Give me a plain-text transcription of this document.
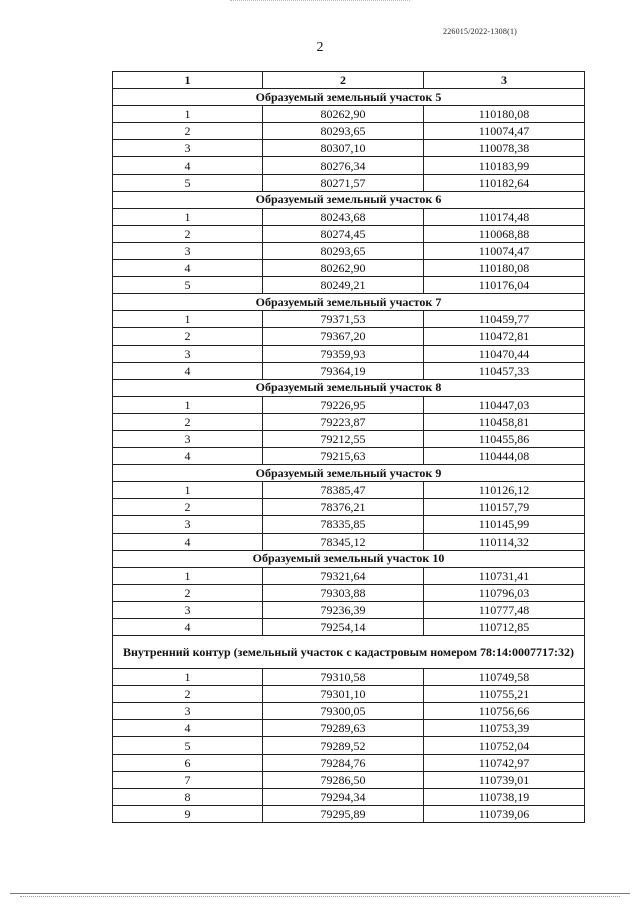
226015/2022-1308(1)
2
1	2	3
Образуемый земельный участок 5		
1	80262,90	110180,08
2	80293,65	110074,47
3	80307,10	110078,38
4	80276,34	110183,99
5	80271,57	110182,64
Образуемый земельный участок 6		
1	80243,68	110174,48
2	80274,45	110068,88
3	80293,65	110074,47
4	80262,90	110180,08
5	80249,21	110176,04
Образуемый земельный участок 7		
1	79371,53	110459,77
2	79367,20	110472,81
3	79359,93	110470,44
4	79364,19	110457,33
Образуемый земельный участок 8		
1	79226,95	110447,03
2	79223,87	110458,81
3	79212,55	110455,86
4	79215,63	110444,08
Образуемый земельный участок 9		
1	78385,47	110126,12
2	78376,21	110157,79
3	78335,85	110145,99
4	78345,12	110114,32
Образуемый земельный участок 10		
1	79321,64	110731,41
2	79303,88	110796,03
3	79236,39	110777,48
4	79254,14	110712,85
Внутренний контур (земельный участок с кадастровым номером 78:14:0007717:32)		
1	79310,58	110749,58
2	79301,10	110755,21
3	79300,05	110756,66
4	79289,63	110753,39
5	79289,52	110752,04
6	79284,76	110742,97
7	79286,50	110739,01
8	79294,34	110738,19
9	79295,89	110739,06
